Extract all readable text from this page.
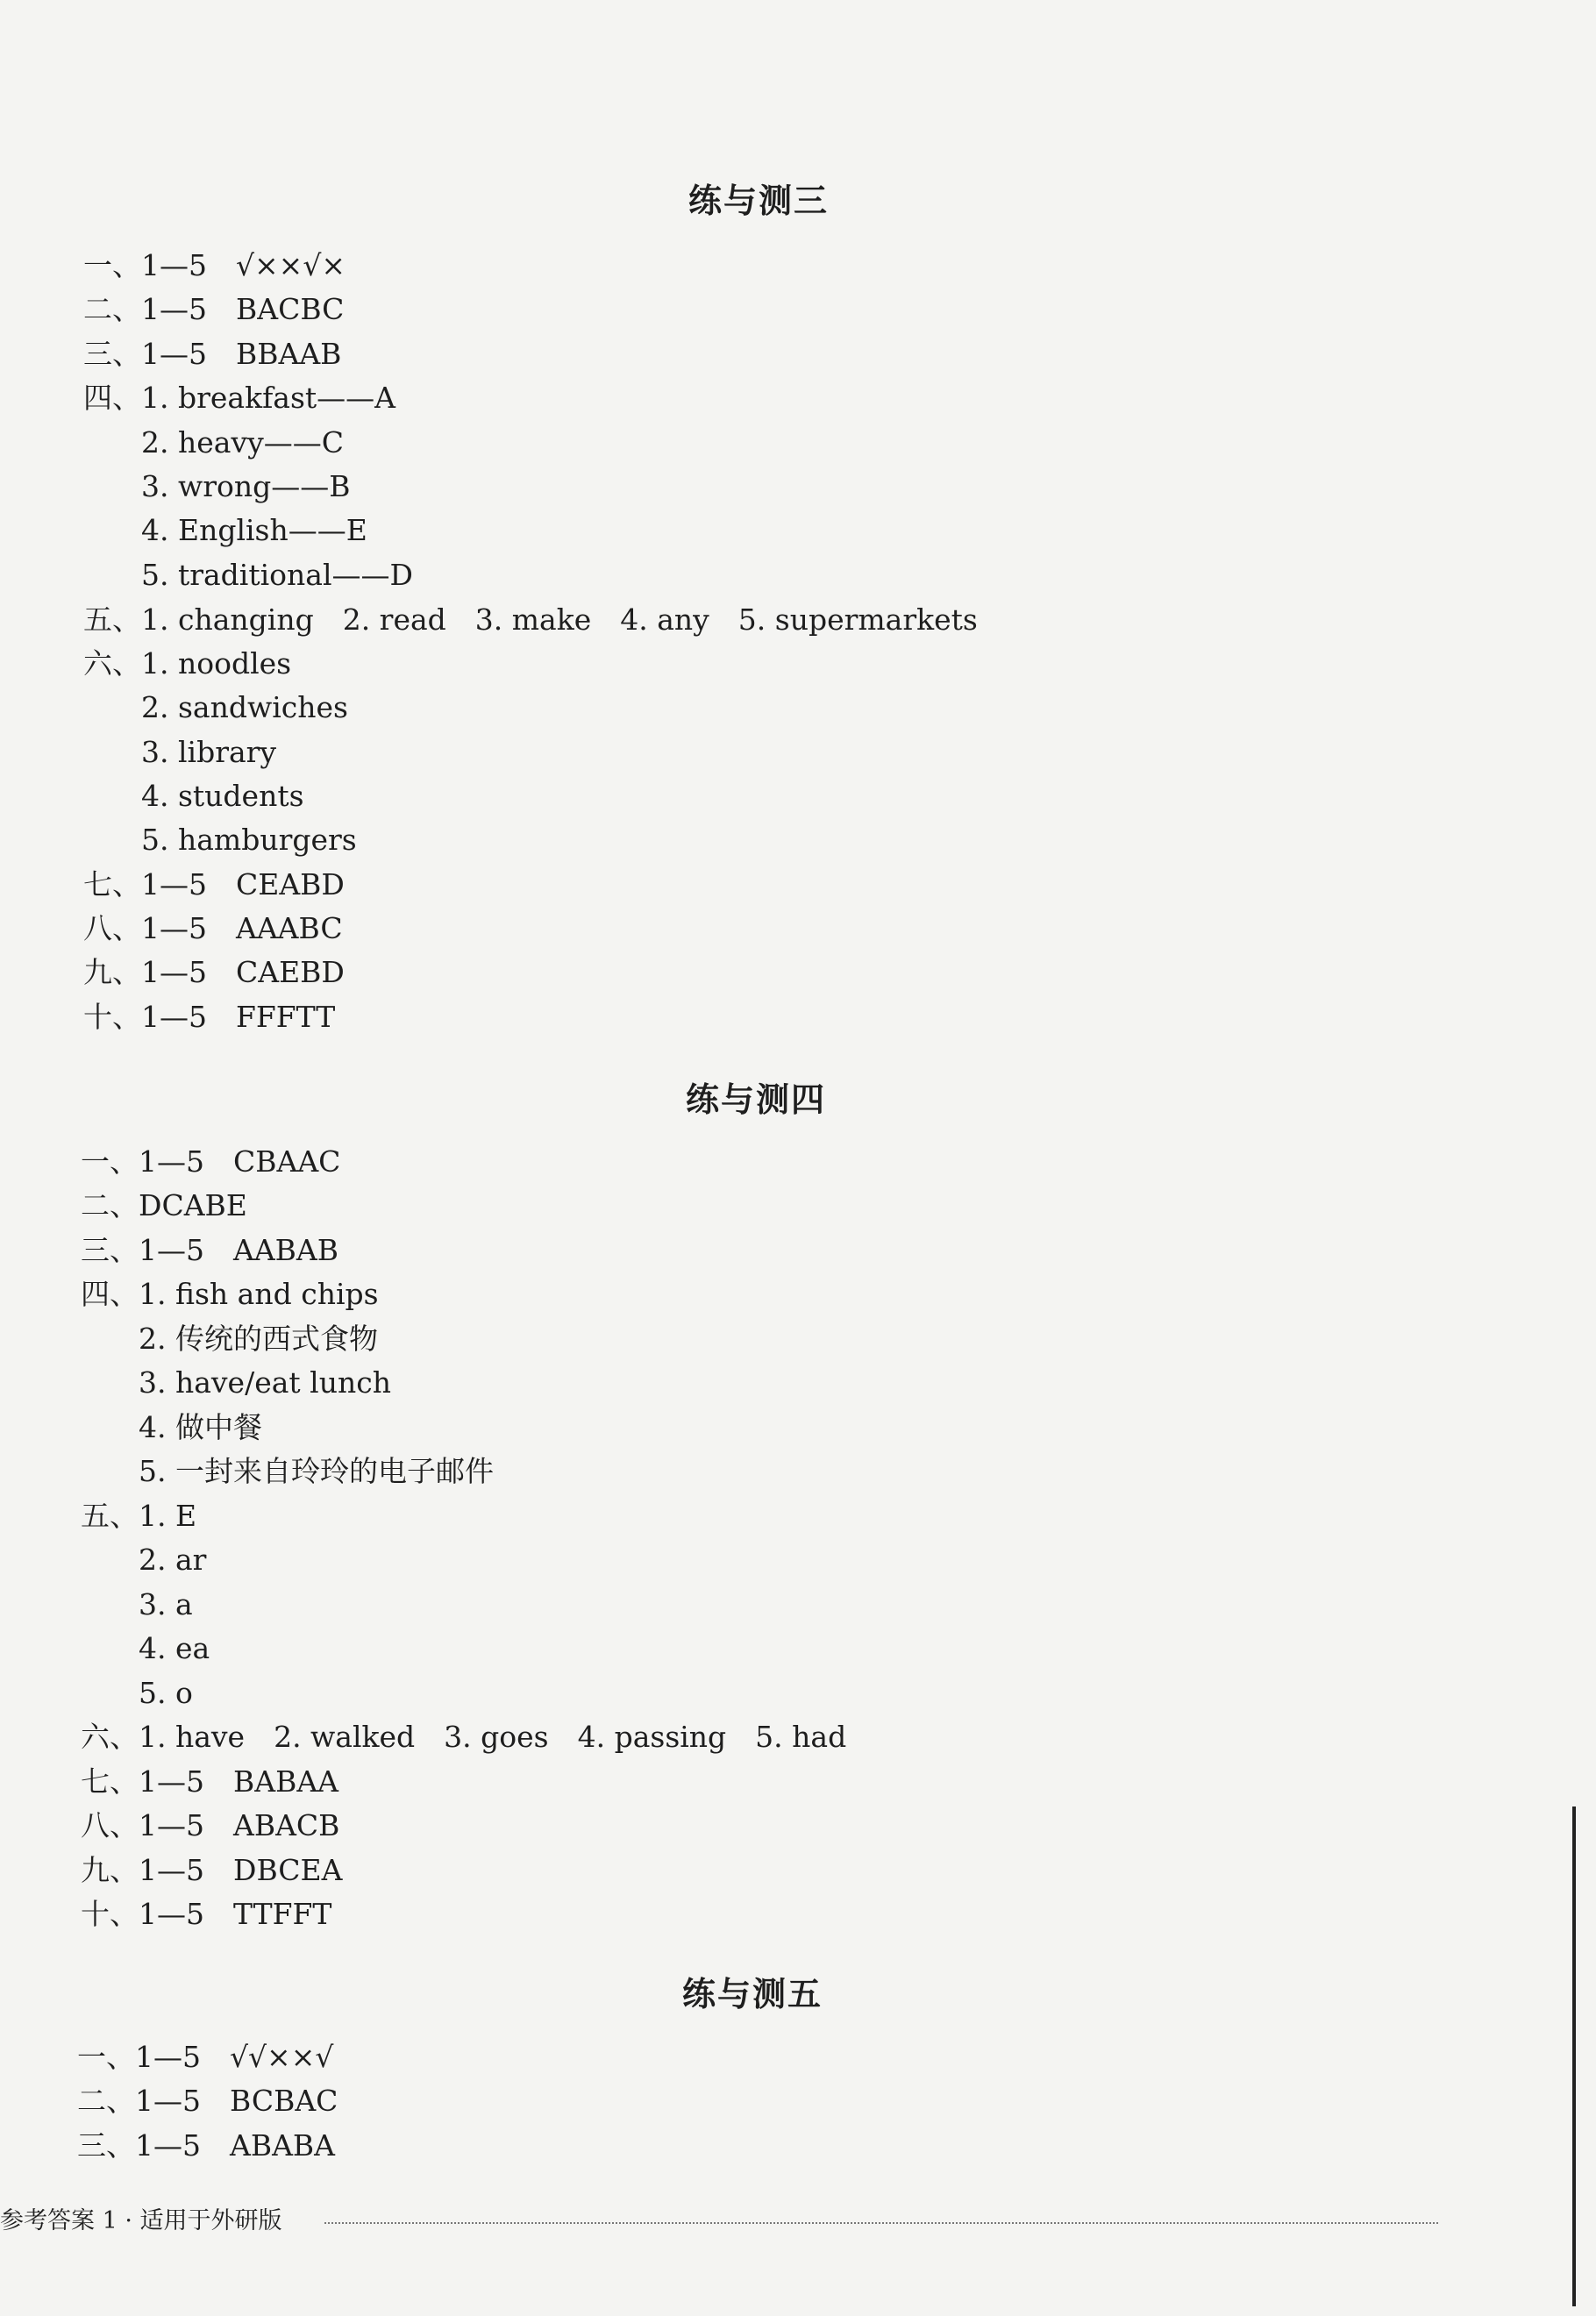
练与测三
一、1—5　√××√×
二、1—5　BACBC
三、1—5　BBAAB
四、1. breakfast——A
　　2. heavy——C
　　3. wrong——B
　　4. English——E
　　5. traditional——D
五、1. changing　2. read　3. make　4. any　5. supermarkets
六、1. noodles
　　2. sandwiches
　　3. library
　　4. students
　　5. hamburgers
七、1—5　CEABD
八、1—5　AAABC
九、1—5　CAEBD
十、1—5　FFFTT
练与测四
一、1—5　CBAAC
二、DCABE
三、1—5　AABAB
四、1. fish and chips
　　2. 传统的西式食物
　　3. have/eat lunch
　　4. 做中餐
　　5. 一封来自玲玲的电子邮件
五、1. E
　　2. ar
　　3. a
　　4. ea
　　5. o
六、1. have　2. walked　3. goes　4. passing　5. had
七、1—5　BABAA
八、1—5　ABACB
九、1—5　DBCEA
十、1—5　TTFFT
练与测五
一、1—5　√√××√
二、1—5　BCBAC
三、1—5　ABABA
参考答案 1 · 适用于外研版
